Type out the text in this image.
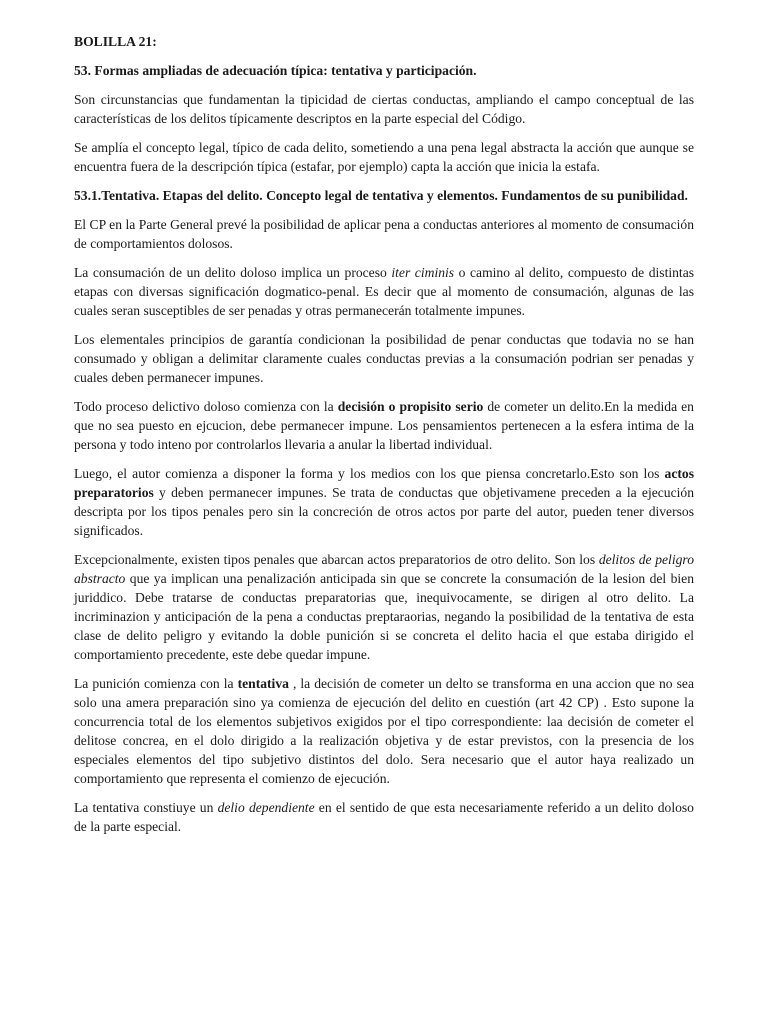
BOLILLA 21:

53. Formas ampliadas de adecuación típica: tentativa y participación.

Son circunstancias que fundamentan la tipicidad de ciertas conductas, ampliando el campo conceptual de las características de los delitos típicamente descriptos en la parte especial del Código.

Se amplía el concepto legal, típico de cada delito, sometiendo a una pena legal abstracta la acción que aunque se encuentra fuera de la descripción típica (estafar, por ejemplo) capta la acción que inicia la estafa.

53.1.Tentativa. Etapas del delito. Concepto legal de tentativa y elementos. Fundamentos de su punibilidad.

El CP en la Parte General prevé la posibilidad de aplicar pena a conductas anteriores al momento de consumación de comportamientos dolosos.

La consumación de un delito doloso implica un proceso iter ciminis o camino al delito, compuesto de distintas etapas con diversas significación dogmatico-penal. Es decir que al momento de consumación, algunas de las cuales seran susceptibles de ser penadas y otras permanecerán totalmente impunes.

Los elementales principios de garantía condicionan la posibilidad de penar conductas que todavia no se han consumado y obligan a delimitar claramente cuales conductas previas a la consumación podrian ser penadas y cuales deben permanecer impunes.

Todo proceso delictivo doloso comienza con la decisión o propisito serio de cometer un delito.En la medida en que no sea puesto en ejcucion, debe permanecer impune. Los pensamientos pertenecen a la esfera intima de la persona y todo inteno por controlarlos llevaria a anular la libertad individual.

Luego, el autor comienza a disponer la forma y los medios con los que piensa concretarlo.Esto son los actos preparatorios y deben permanecer impunes. Se trata de conductas que objetivamene preceden a la ejecución descripta por los tipos penales pero sin la concreción de otros actos por parte del autor, pueden tener diversos significados.

Excepcionalmente, existen tipos penales que abarcan actos preparatorios de otro delito. Son los delitos de peligro abstracto que ya implican una penalización anticipada sin que se concrete la consumación de la lesion del bien juriddico. Debe tratarse de conductas preparatorias que, inequivocamente, se dirigen al otro delito. La incriminazion y anticipación de la pena a conductas preptaraorias, negando la posibilidad de la tentativa de esta clase de delito peligro y evitando la doble punición si se concreta el delito hacia el que estaba dirigido el comportamiento precedente, este debe quedar impune.

La punición comienza con la tentativa , la decisión de cometer un delto se transforma en una accion que no sea solo una amera preparación sino ya comienza de ejecución del delito en cuestión (art 42 CP) . Esto supone la concurrencia total de los elementos subjetivos exigidos por el tipo correspondiente: laa decisión de cometer el delitose concrea, en el dolo dirigido a la realización objetiva y de estar previstos, con la presencia de los especiales elementos del tipo subjetivo distintos del dolo. Sera necesario que el autor haya realizado un comportamiento que representa el comienzo de ejecución.

La tentativa constiuye un delio dependiente en el sentido de que esta necesariamente referido a un delito doloso de la parte especial.
